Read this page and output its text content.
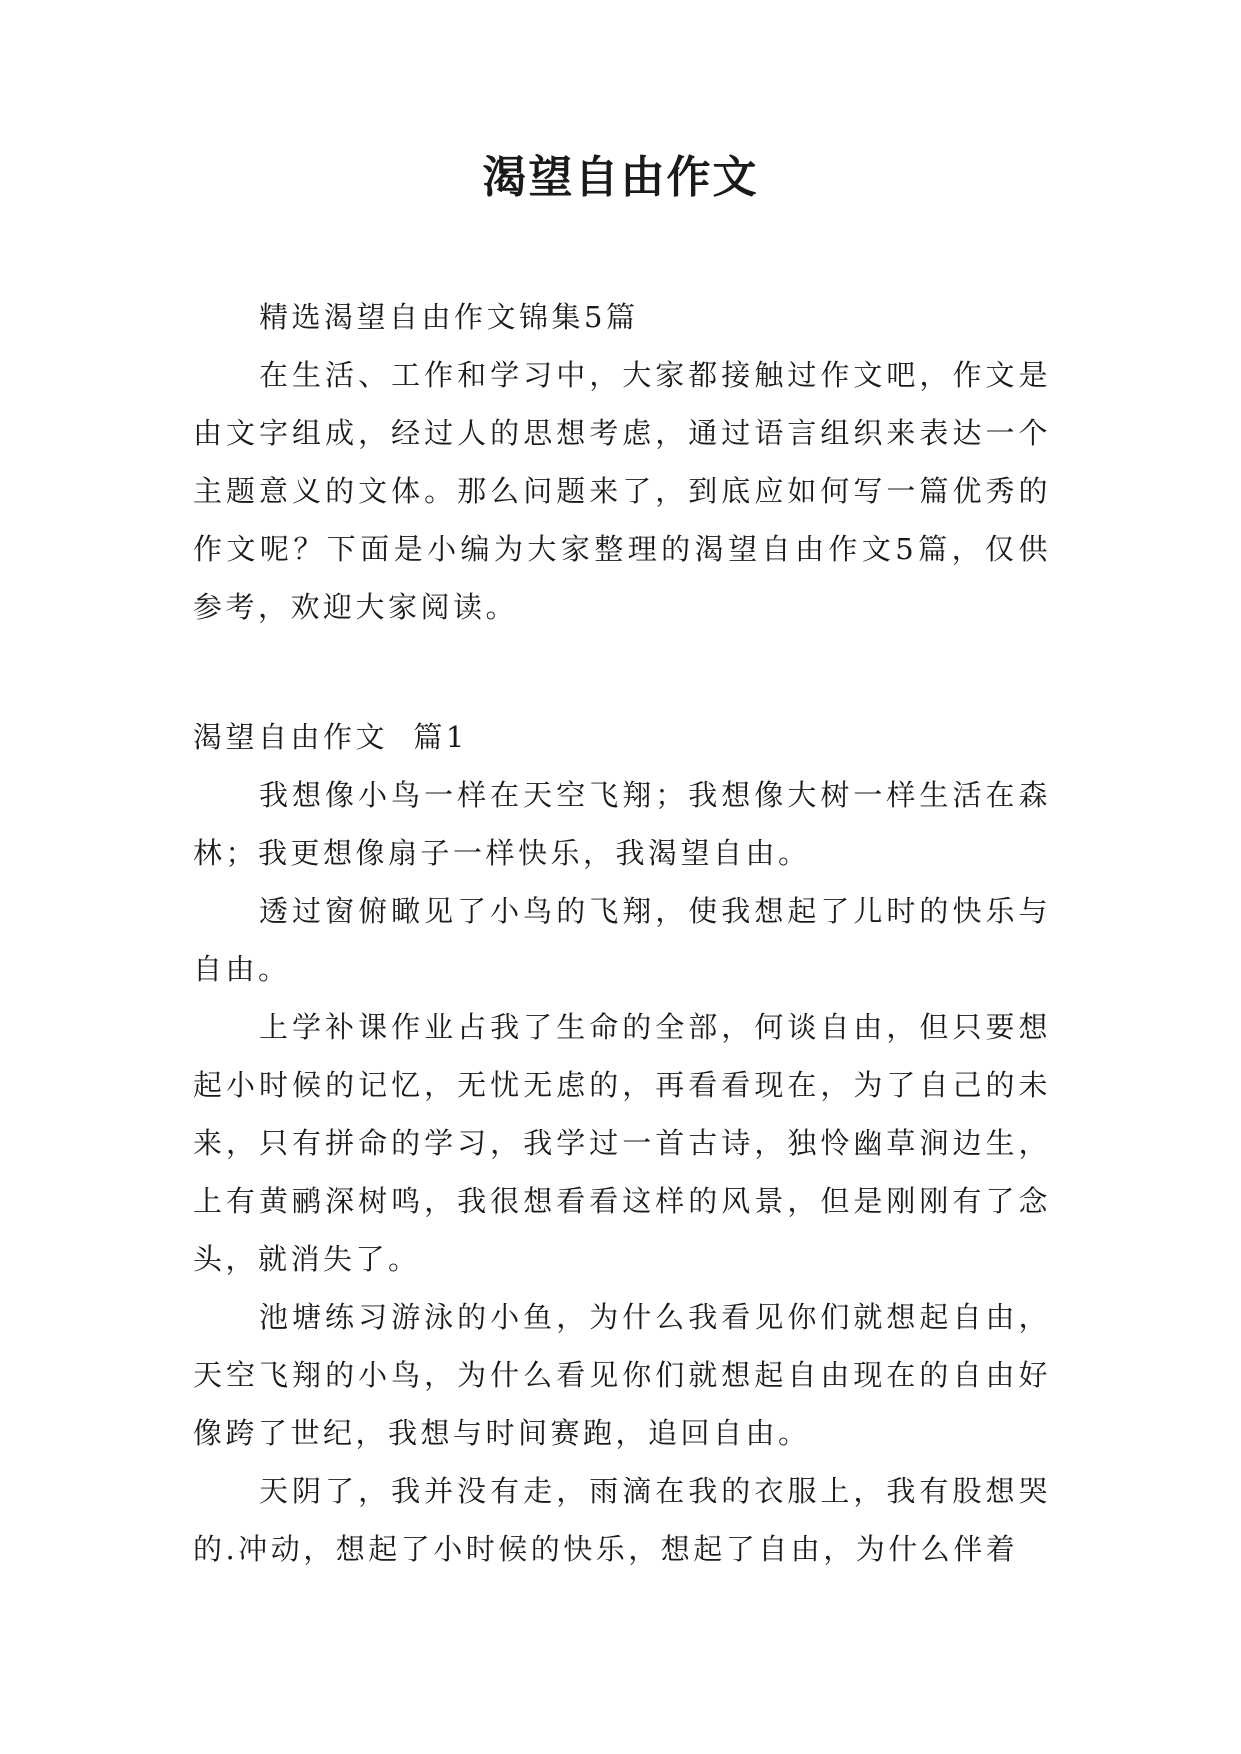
渴望自由作文

精选渴望自由作文锦集5篇

在生活、工作和学习中，大家都接触过作文吧，作文是由文字组成，经过人的思想考虑，通过语言组织来表达一个主题意义的文体。那么问题来了，到底应如何写一篇优秀的作文呢？下面是小编为大家整理的渴望自由作文5篇，仅供参考，欢迎大家阅读。

渴望自由作文  篇1

我想像小鸟一样在天空飞翔；我想像大树一样生活在森林；我更想像扇子一样快乐，我渴望自由。

透过窗俯瞰见了小鸟的飞翔，使我想起了儿时的快乐与自由。

上学补课作业占我了生命的全部，何谈自由，但只要想起小时候的记忆，无忧无虑的，再看看现在，为了自己的未来，只有拼命的学习，我学过一首古诗，独怜幽草涧边生，上有黄鹂深树鸣，我很想看看这样的风景，但是刚刚有了念头，就消失了。

池塘练习游泳的小鱼，为什么我看见你们就想起自由，天空飞翔的小鸟，为什么看见你们就想起自由现在的自由好像跨了世纪，我想与时间赛跑，追回自由。

天阴了，我并没有走，雨滴在我的衣服上，我有股想哭的.冲动，想起了小时候的快乐，想起了自由，为什么伴着
